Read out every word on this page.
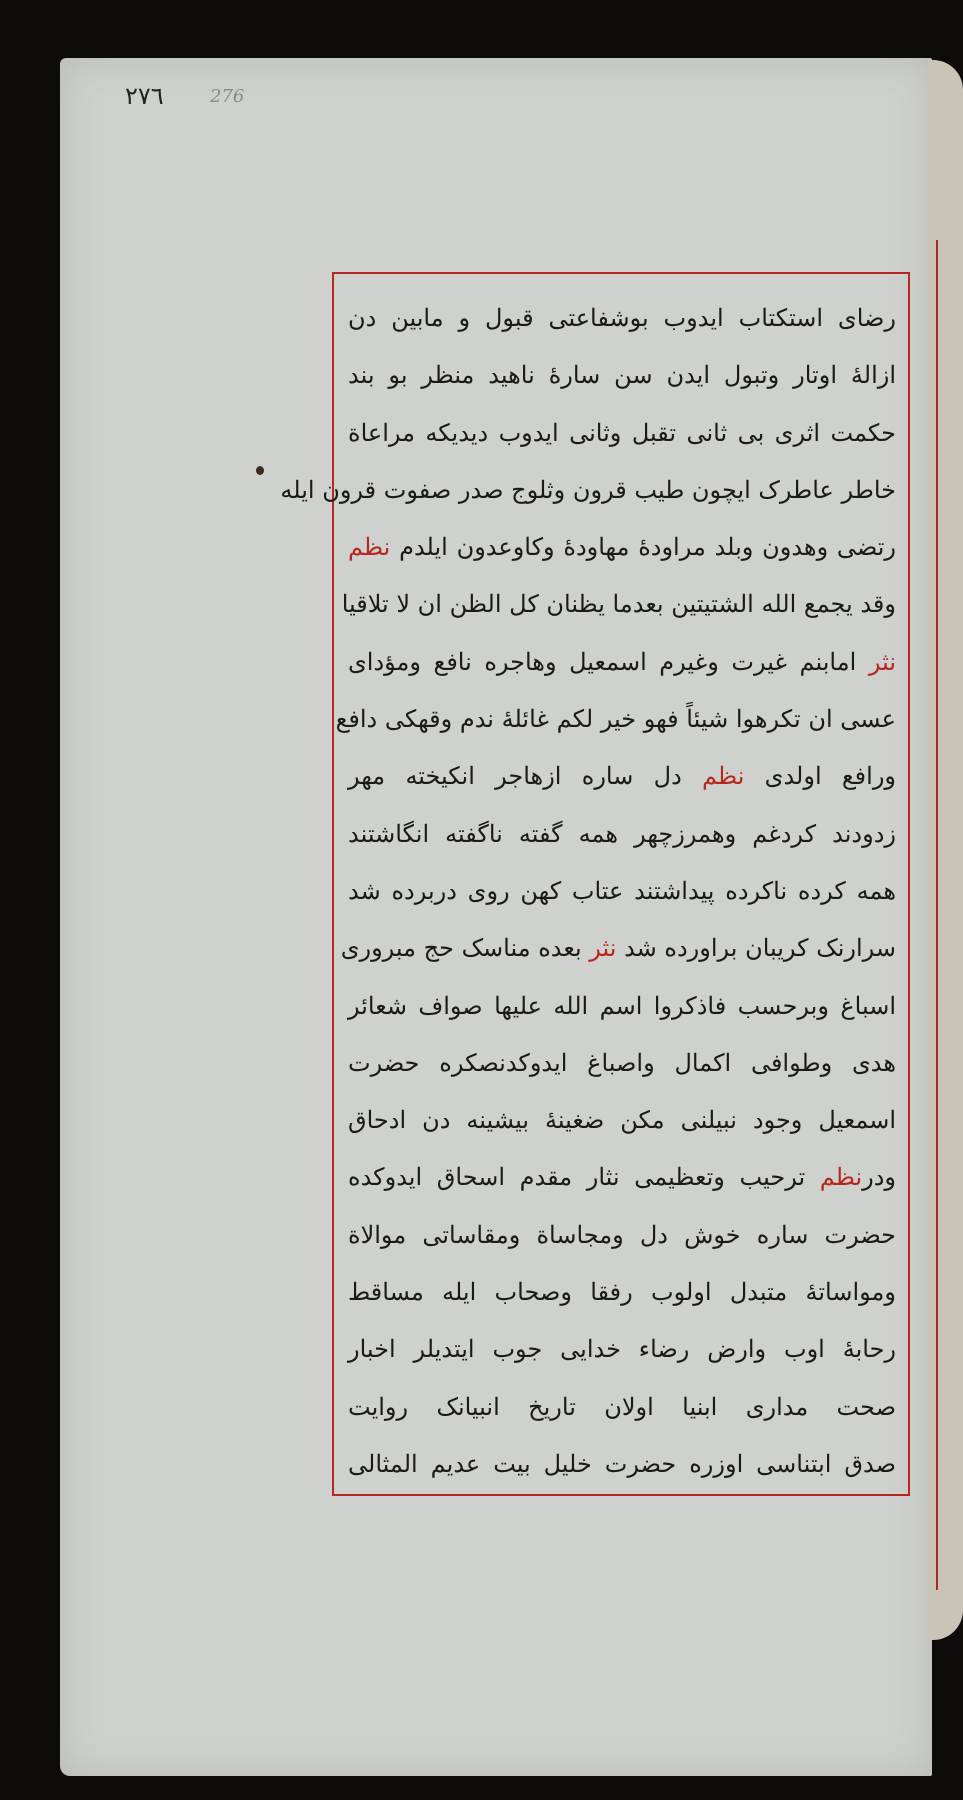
٢٧٦	276
رضای استکتاب ایدوب بوشفاعتی قبول و مابین دن
ازالهٔ اوتار وتبول ایدن سن سارهٔ ناهید منظر بو بند
حکمت اثری بی ثانی تقبل وثانی ایدوب دیدیکه مراعاة
خاطر عاطرک ایچون طیب قرون وثلوج صدر صفوت قرون ایله
رتضی وهدون وبلد مراودهٔ مهاودهٔ وکاوعدون ایلدم نظم
وقد یجمع الله الشتیتین بعدما یظنان کل الظن ان لا تلاقیا
نثر امابنم غیرت وغیرم اسمعیل وهاجره نافع ومؤدای
عسی ان تکرهوا شیئاً فهو خیر لکم غائلهٔ ندم وقهکی دافع
ورافع اولدی نظم دل ساره ازهاجر انکیخته مهر
زدودند کردغم وهمرزچهر همه گفته ناگفته انگاشتند
همه کرده ناکرده پیداشتند عتاب کهن روی دربرده شد
سرارنک کریبان براورده شد نثر بعده مناسک حج مبروری
اسباغ وبرحسب فاذکروا اسم الله علیها صواف شعائر
هدی وطوافی اکمال واصباغ ایدوکدنصکره حضرت
اسمعیل وجود نبیلنی مکن ضغینهٔ بیشینه دن ادحاق
ودرنظم ترحیب وتعظیمی نثار مقدم اسحاق ایدوکده
حضرت ساره خوش دل ومجاساة ومقاساتی موالاة
ومواساتهٔ متبدل اولوب رفقا وصحاب ایله مساقط
رحابهٔ اوب وارض رضاء خدایی جوب ایتدیلر اخبار
صحت مداری ابنیا اولان تاریخ انبیانک روایت
صدق ابتناسی اوزره حضرت خلیل بیت عدیم المثالی
